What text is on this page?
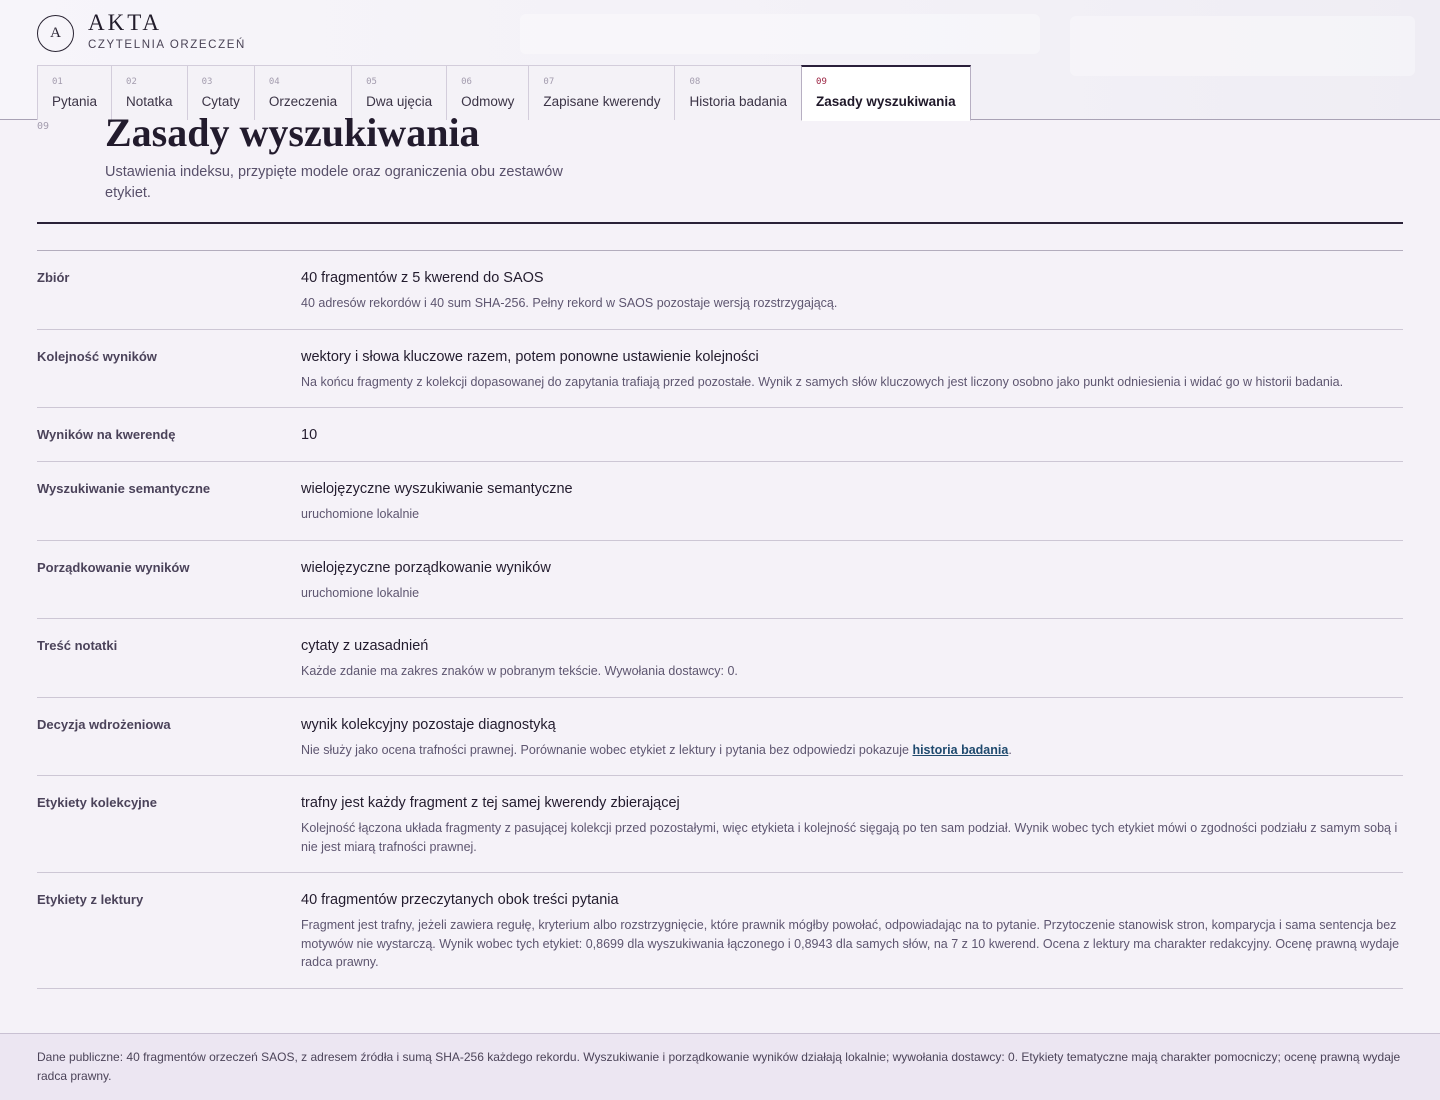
A	AKTA
CZYTELNIA ORZECZEŃ
01
Pytania
02
Notatka
03
Cytaty
04
Orzeczenia
05
Dwa ujęcia
06
Odmowy
07
Zapisane kwerendy
08
Historia badania
09
Zasady wyszukiwania
09 Zasady wyszukiwania

Ustawienia indeksu, przypięte modele oraz ograniczenia obu zestawów etykiet.

Zbiór	40 fragmentów z 5 kwerend do SAOS
40 adresów rekordów i 40 sum SHA-256. Pełny rekord w SAOS pozostaje wersją rozstrzygającą.
Kolejność wyników	wektory i słowa kluczowe razem, potem ponowne ustawienie kolejności
Na końcu fragmenty z kolekcji dopasowanej do zapytania trafiają przed pozostałe. Wynik z samych słów kluczowych jest liczony osobno jako punkt odniesienia i widać go w historii badania.
Wyników na kwerendę	10
Wyszukiwanie semantyczne	wielojęzyczne wyszukiwanie semantyczne
uruchomione lokalnie
Porządkowanie wyników	wielojęzyczne porządkowanie wyników
uruchomione lokalnie
Treść notatki	cytaty z uzasadnień
Każde zdanie ma zakres znaków w pobranym tekście. Wywołania dostawcy: 0.
Decyzja wdrożeniowa	wynik kolekcyjny pozostaje diagnostyką
Nie służy jako ocena trafności prawnej. Porównanie wobec etykiet z lektury i pytania bez odpowiedzi pokazuje historia badania.
Etykiety kolekcyjne	trafny jest każdy fragment z tej samej kwerendy zbierającej
Kolejność łączona układa fragmenty z pasującej kolekcji przed pozostałymi, więc etykieta i kolejność sięgają po ten sam podział. Wynik wobec tych etykiet mówi o zgodności podziału z samym sobą i nie jest miarą trafności prawnej.
Etykiety z lektury	40 fragmentów przeczytanych obok treści pytania
Fragment jest trafny, jeżeli zawiera regułę, kryterium albo rozstrzygnięcie, które prawnik mógłby powołać, odpowiadając na to pytanie. Przytoczenie stanowisk stron, komparycja i sama sentencja bez motywów nie wystarczą. Wynik wobec tych etykiet: 0,8699 dla wyszukiwania łączonego i 0,8943 dla samych słów, na 7 z 10 kwerend. Ocena z lektury ma charakter redakcyjny. Ocenę prawną wydaje radca prawny.

Dane publiczne: 40 fragmentów orzeczeń SAOS, z adresem źródła i sumą SHA-256 każdego rekordu. Wyszukiwanie i porządkowanie wyników działają lokalnie; wywołania dostawcy: 0. Etykiety tematyczne mają charakter pomocniczy; ocenę prawną wydaje radca prawny.
